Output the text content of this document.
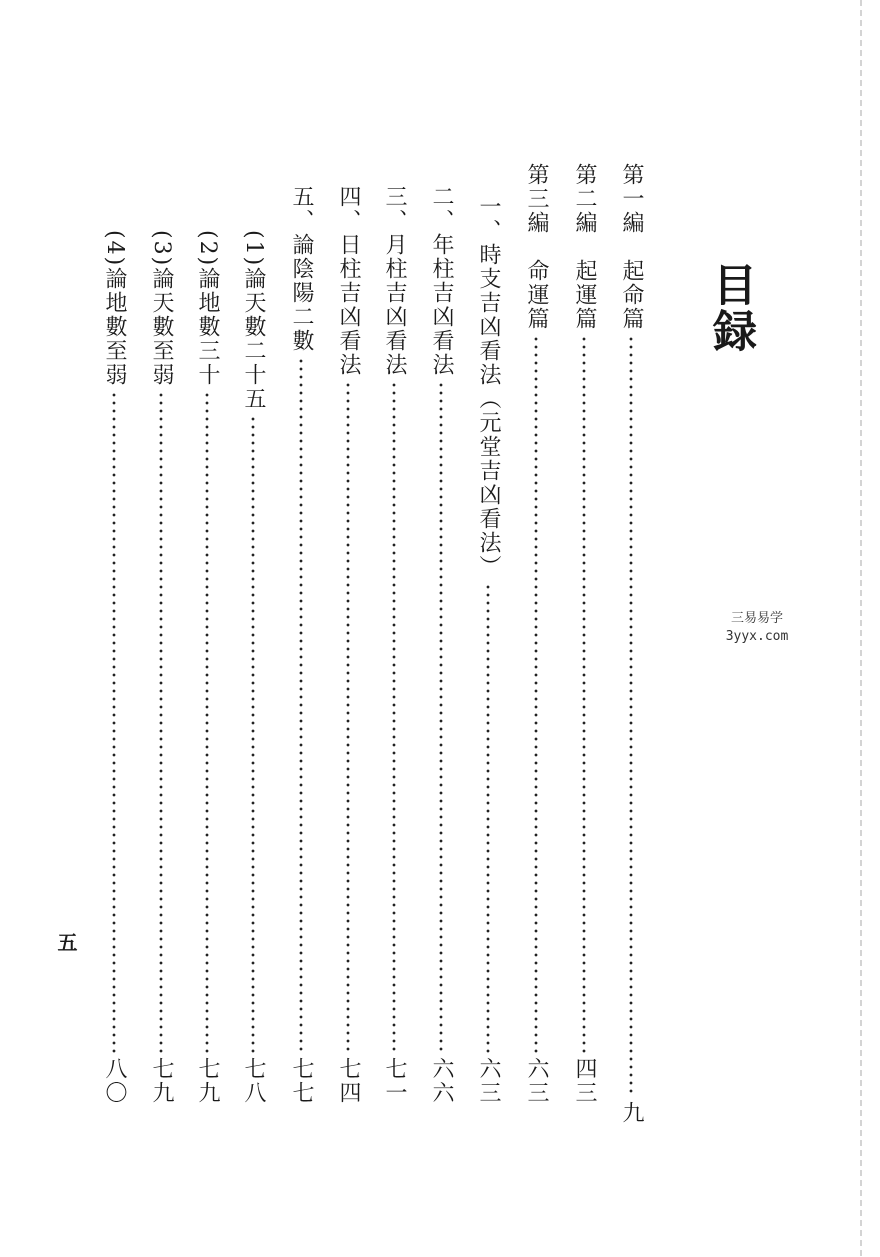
目録
第一編　起命篇
九
第二編　起運篇
四三
第三編　命運篇
六三
一、時支吉凶看法（元堂吉凶看法）
六三
二、年柱吉凶看法
六六
三、月柱吉凶看法
七一
四、日柱吉凶看法
七四
五、論陰陽二數
七七
(1)論天數二十五
七八
(2)論地數三十
七九
(3)論天數至弱
七九
(4)論地數至弱
八〇
五
三易易学
3yyx.com
